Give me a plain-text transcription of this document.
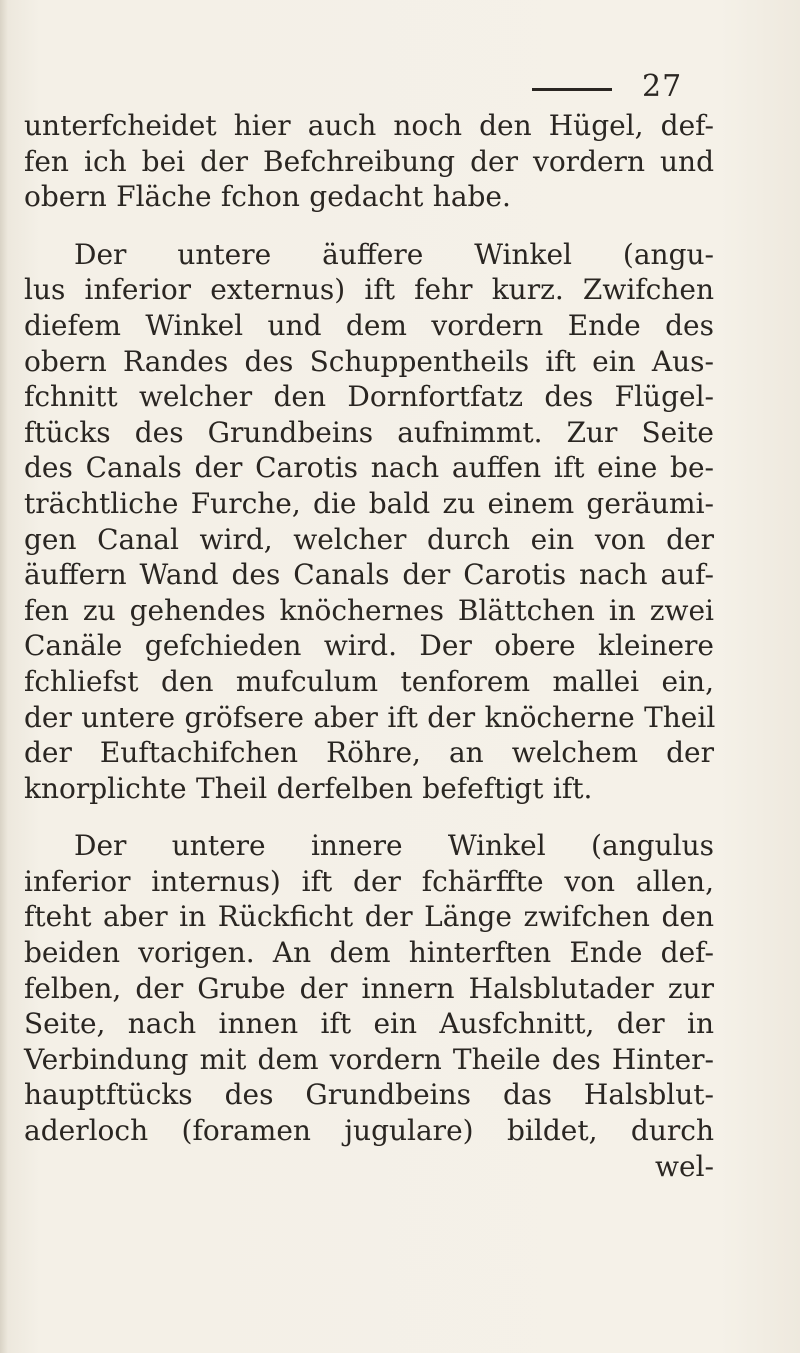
27
unterfcheidet hier auch noch den Hügel, def-
fen ich bei der Befchreibung der vordern und
obern Fläche fchon gedacht habe.
Der untere äuffere Winkel (angu-
lus inferior externus) ift fehr kurz. Zwifchen
diefem Winkel und dem vordern Ende des
obern Randes des Schuppentheils ift ein Aus-
fchnitt welcher den Dornfortfatz des Flügel-
ftücks des Grundbeins aufnimmt. Zur Seite
des Canals der Carotis nach auffen ift eine be-
trächtliche Furche, die bald zu einem geräumi-
gen Canal wird, welcher durch ein von der
äuffern Wand des Canals der Carotis nach auf-
fen zu gehendes knöchernes Blättchen in zwei
Canäle gefchieden wird. Der obere kleinere
fchliefst den mufculum tenforem mallei ein,
der untere gröfsere aber ift der knöcherne Theil
der Euftachifchen Röhre, an welchem der
knorplichte Theil derfelben befeftigt ift.
Der untere innere Winkel (angulus
inferior internus) ift der fchärffte von allen,
fteht aber in Rückficht der Länge zwifchen den
beiden vorigen. An dem hinterften Ende def-
felben, der Grube der innern Halsblutader zur
Seite, nach innen ift ein Ausfchnitt, der in
Verbindung mit dem vordern Theile des Hinter-
hauptftücks des Grundbeins das Halsblut-
aderloch (foramen jugulare) bildet, durch
wel-
